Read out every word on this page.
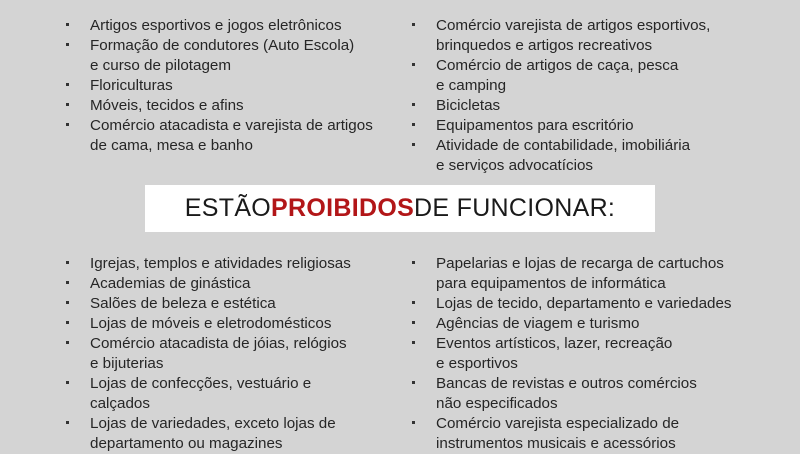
Artigos esportivos e jogos eletrônicos
Formação de condutores (Auto Escola)
e curso de pilotagem
Floriculturas
Móveis, tecidos e afins
Comércio atacadista e varejista de artigos
de cama, mesa e banho
Comércio varejista de artigos esportivos,
brinquedos e artigos recreativos
Comércio de artigos de caça, pesca
e camping
Bicicletas
Equipamentos para escritório
Atividade de contabilidade, imobiliária
e serviços advocatícios
ESTÃO PROIBIDOS DE FUNCIONAR:
Igrejas, templos e atividades religiosas
Academias de ginástica
Salões de beleza e estética
Lojas de móveis e eletrodomésticos
Comércio atacadista de jóias, relógios
e bijuterias
Lojas de confecções, vestuário e
calçados
Lojas de variedades, exceto lojas de
departamento ou magazines
Papelarias e lojas de recarga de cartuchos
para equipamentos de informática
Lojas de tecido, departamento e variedades
Agências de viagem e turismo
Eventos artísticos, lazer, recreação
e esportivos
Bancas de revistas e outros comércios
não especificados
Comércio varejista especializado de
instrumentos musicais e acessórios
